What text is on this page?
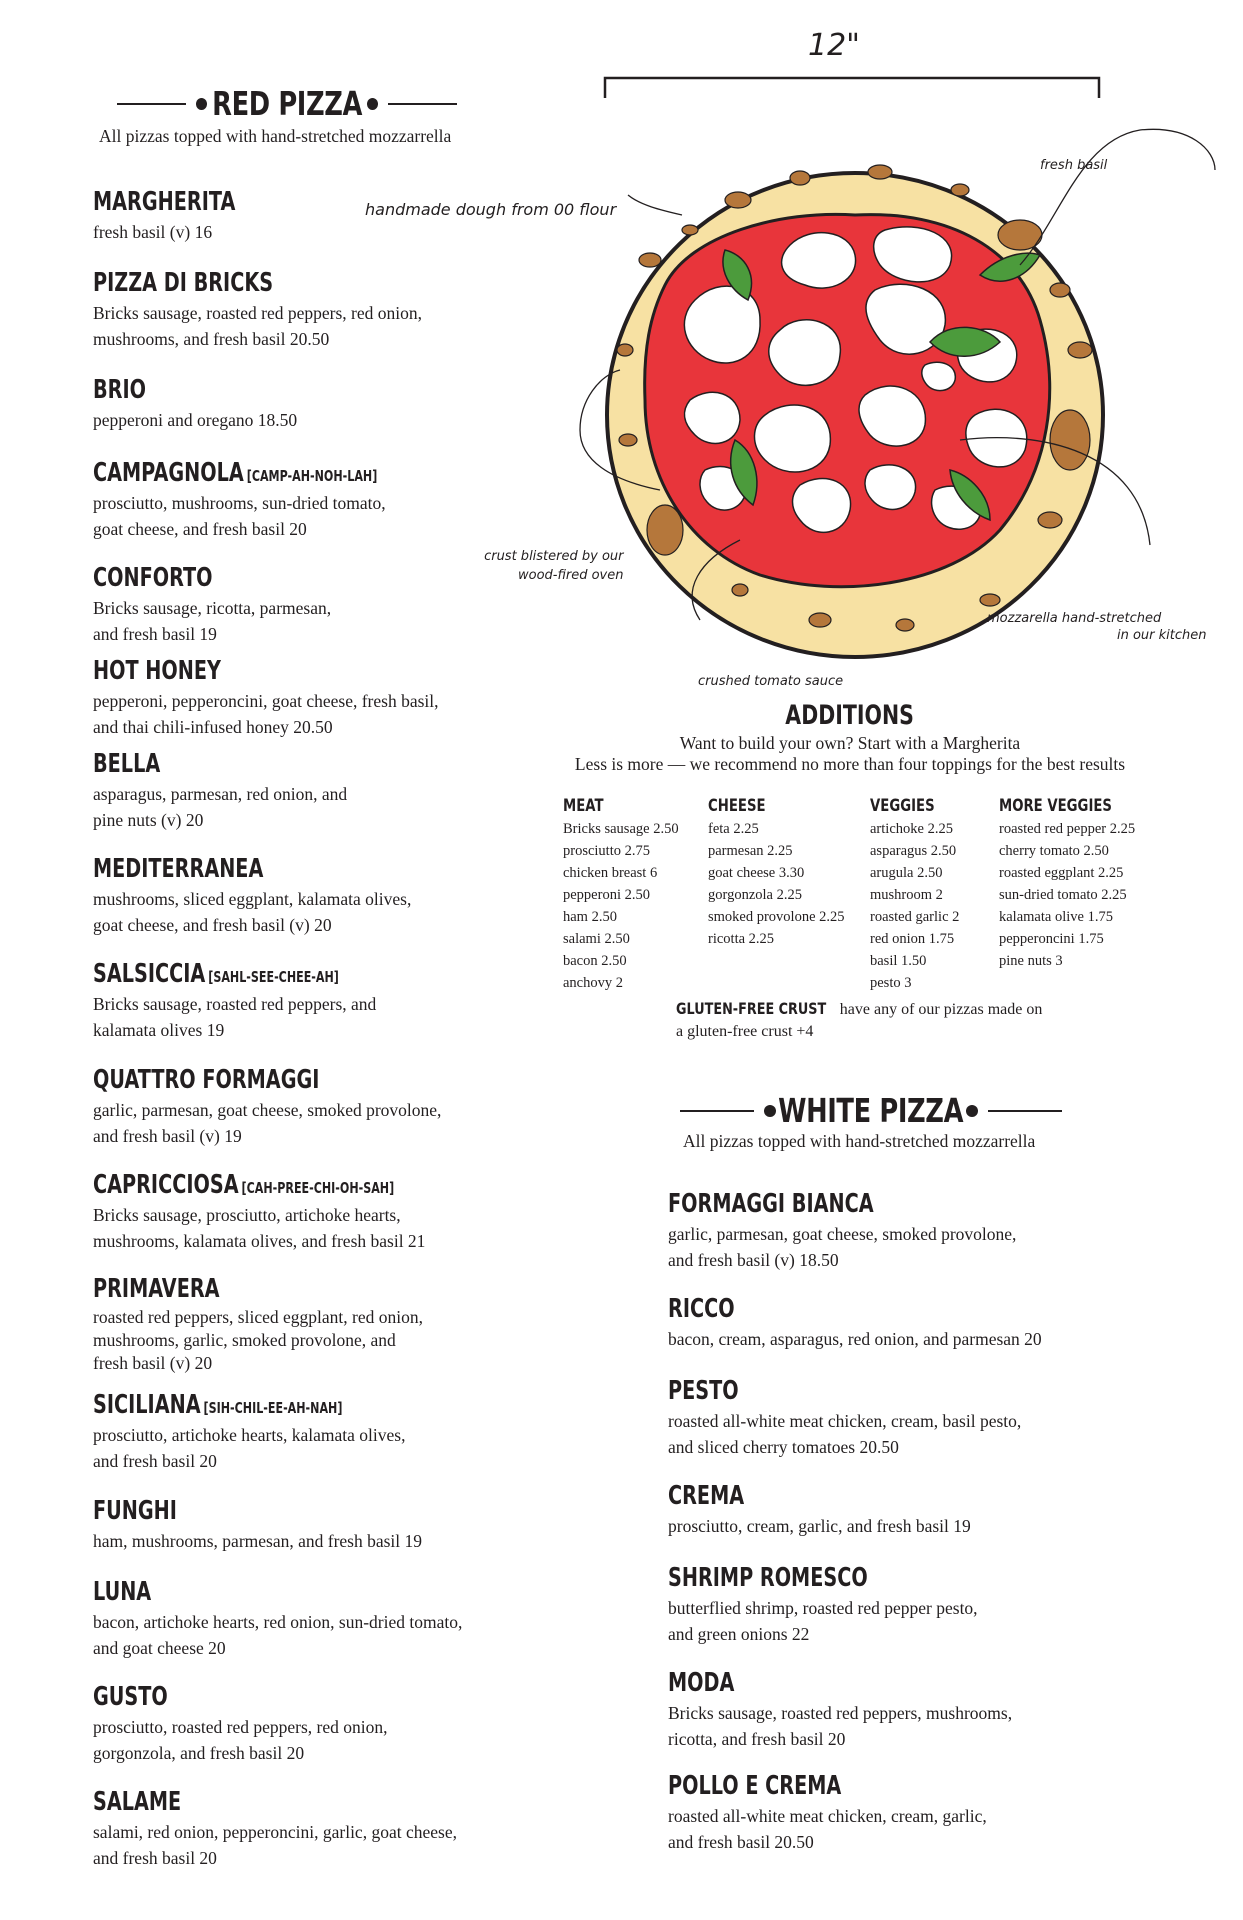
RED PIZZA
All pizzas topped with hand-stretched mozzarrella
MARGHERITA
fresh basil (v) 16
PIZZA DI BRICKS
Bricks sausage, roasted red peppers, red onion,
mushrooms, and fresh basil 20.50
BRIO
pepperoni and oregano 18.50
CAMPAGNOLA [CAMP-AH-NOH-LAH]
prosciutto, mushrooms, sun-dried tomato,
goat cheese, and fresh basil 20
CONFORTO
Bricks sausage, ricotta, parmesan,
and fresh basil 19
HOT HONEY
pepperoni, pepperoncini, goat cheese, fresh basil,
and thai chili-infused honey 20.50
BELLA
asparagus, parmesan, red onion, and
pine nuts (v) 20
MEDITERRANEA
mushrooms, sliced eggplant, kalamata olives,
goat cheese, and fresh basil (v) 20
SALSICCIA [SAHL-SEE-CHEE-AH]
Bricks sausage, roasted red peppers, and
kalamata olives 19
QUATTRO FORMAGGI
garlic, parmesan, goat cheese, smoked provolone,
and fresh basil (v) 19
CAPRICCIOSA [CAH-PREE-CHI-OH-SAH]
Bricks sausage, prosciutto, artichoke hearts,
mushrooms, kalamata olives, and fresh basil 21
PRIMAVERA
roasted red peppers, sliced eggplant, red onion,
mushrooms, garlic, smoked provolone, and
fresh basil (v) 20
SICILIANA [SIH-CHIL-EE-AH-NAH]
prosciutto, artichoke hearts, kalamata olives,
and fresh basil 20
FUNGHI
ham, mushrooms, parmesan, and fresh basil 19
LUNA
bacon, artichoke hearts, red onion, sun-dried tomato,
and goat cheese 20
GUSTO
prosciutto, roasted red peppers, red onion,
gorgonzola, and fresh basil 20
SALAME
salami, red onion, pepperoncini, garlic, goat cheese,
and fresh basil 20
12"
fresh basil
handmade dough from 00 flour
crust blistered by our
wood-fired oven
mozzarella hand-stretched
in our kitchen
crushed tomato sauce
ADDITIONS
Want to build your own? Start with a Margherita
Less is more — we recommend no more than four toppings for the best results
MEAT
Bricks sausage 2.50
prosciutto 2.75
chicken breast 6
pepperoni 2.50
ham 2.50
salami 2.50
bacon 2.50
anchovy 2
CHEESE
feta 2.25
parmesan 2.25
goat cheese 3.30
gorgonzola 2.25
smoked provolone 2.25
ricotta 2.25
VEGGIES
artichoke 2.25
asparagus 2.50
arugula 2.50
mushroom 2
roasted garlic 2
red onion 1.75
basil 1.50
pesto 3
MORE VEGGIES
roasted red pepper 2.25
cherry tomato 2.50
roasted eggplant 2.25
sun-dried tomato 2.25
kalamata olive 1.75
pepperoncini 1.75
pine nuts 3
GLUTEN-FREE CRUST have any of our pizzas made on
a gluten-free crust +4
WHITE PIZZA
All pizzas topped with hand-stretched mozzarrella
FORMAGGI BIANCA
garlic, parmesan, goat cheese, smoked provolone,
and fresh basil (v) 18.50
RICCO
bacon, cream, asparagus, red onion, and parmesan 20
PESTO
roasted all-white meat chicken, cream, basil pesto,
and sliced cherry tomatoes 20.50
CREMA
prosciutto, cream, garlic, and fresh basil 19
SHRIMP ROMESCO
butterflied shrimp, roasted red pepper pesto,
and green onions 22
MODA
Bricks sausage, roasted red peppers, mushrooms,
ricotta, and fresh basil 20
POLLO E CREMA
roasted all-white meat chicken, cream, garlic,
and fresh basil 20.50
